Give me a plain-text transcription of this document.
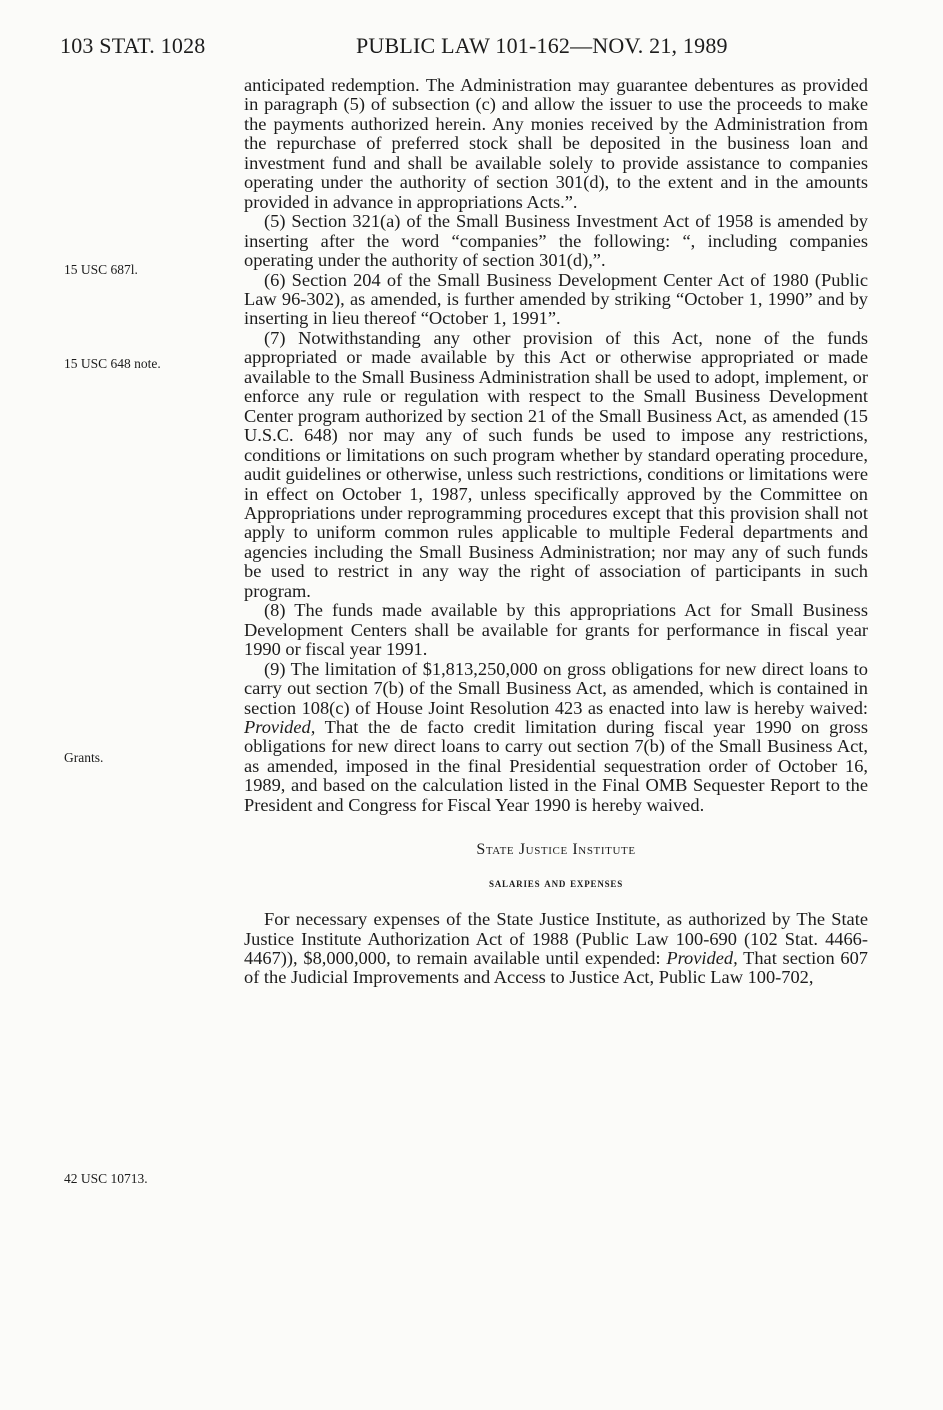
103 STAT. 1028	PUBLIC LAW 101-162—NOV. 21, 1989
15 USC 687l.
15 USC 648 note.
Grants.
42 USC 10713.

anticipated redemption. The Administration may guarantee debentures as provided in paragraph (5) of subsection (c) and allow the issuer to use the proceeds to make the payments authorized herein. Any monies received by the Administration from the repurchase of preferred stock shall be deposited in the business loan and investment fund and shall be available solely to provide assistance to companies operating under the authority of section 301(d), to the extent and in the amounts provided in advance in appropriations Acts.”.

(5) Section 321(a) of the Small Business Investment Act of 1958 is amended by inserting after the word “companies” the following: “, including companies operating under the authority of section 301(d),”.

(6) Section 204 of the Small Business Development Center Act of 1980 (Public Law 96-302), as amended, is further amended by striking “October 1, 1990” and by inserting in lieu thereof “October 1, 1991”.

(7) Notwithstanding any other provision of this Act, none of the funds appropriated or made available by this Act or otherwise appropriated or made available to the Small Business Administration shall be used to adopt, implement, or enforce any rule or regulation with respect to the Small Business Development Center program authorized by section 21 of the Small Business Act, as amended (15 U.S.C. 648) nor may any of such funds be used to impose any restrictions, conditions or limitations on such program whether by standard operating procedure, audit guidelines or otherwise, unless such restrictions, conditions or limitations were in effect on October 1, 1987, unless specifically approved by the Committee on Appropriations under reprogramming procedures except that this provision shall not apply to uniform common rules applicable to multiple Federal departments and agencies including the Small Business Administration; nor may any of such funds be used to restrict in any way the right of association of participants in such program.

(8) The funds made available by this appropriations Act for Small Business Development Centers shall be available for grants for performance in fiscal year 1990 or fiscal year 1991.

(9) The limitation of $1,813,250,000 on gross obligations for new direct loans to carry out section 7(b) of the Small Business Act, as amended, which is contained in section 108(c) of House Joint Resolution 423 as enacted into law is hereby waived: Provided, That the de facto credit limitation during fiscal year 1990 on gross obligations for new direct loans to carry out section 7(b) of the Small Business Act, as amended, imposed in the final Presidential sequestration order of October 16, 1989, and based on the calculation listed in the Final OMB Sequester Report to the President and Congress for Fiscal Year 1990 is hereby waived.

State Justice Institute

salaries and expenses

For necessary expenses of the State Justice Institute, as authorized by The State Justice Institute Authorization Act of 1988 (Public Law 100-690 (102 Stat. 4466-4467)), $8,000,000, to remain available until expended: Provided, That section 607 of the Judicial Improvements and Access to Justice Act, Public Law 100-702,
